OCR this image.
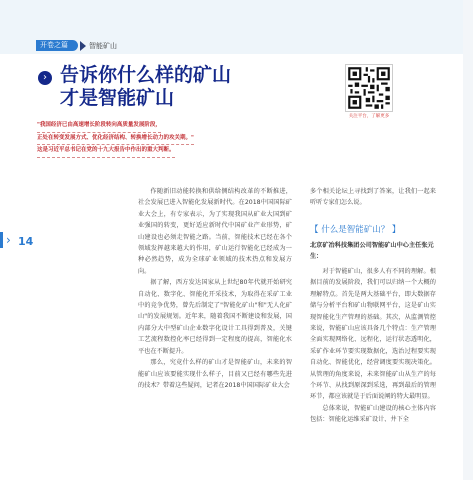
开卷之篇	智能矿山
› 告诉你什么样的矿山
才是智能矿山
关注平台，了解更多
"我国经济已由高速增长阶段转向高质量发展阶段，
正处在转变发展方式、优化经济结构、转换增长动力的攻关期。"
这是习近平总书记在党的十九大报告中作出的重大判断。
› 14

作随新旧动能转换和供给侧结构改革的不断推进，社会发展已进入智能化发展新时代。在2018中国国际矿业大会上，有专家表示，为了实现我国从矿业大国到矿业强国的转变，更好适应新时代中国矿业产业形势，矿山建设也必须走智能之路。当前，智能技术已经在各个领域发挥越来越大的作用，矿山运行智能化已经成为一种必然趋势，成为全球矿业领域的技术热点和发展方向。

据了解，西方发达国家从上世纪80年代就开始研究自动化、数字化、智能化开采技术，为取得在采矿工业中的竞争优势，曾先后制定了"智能化矿山"和"无人化矿山"的发展规划。近年来，随着我国不断建设和发展，国内部分大中型矿山企业数字化设计工具得到普及，关键工艺流程数控化率已经得到一定程度的提高，智能化水平也在不断提升。

那么，究竟什么样的矿山才是智能矿山，未来的智能矿山应该要能实现什么样子，目前又已经有哪些先进的技术？带着这些疑问，记者在2018中国国际矿业大会

多个相关论坛上寻找到了答案，让我们一起来听听专家们怎么说。

【 什么是智能矿山？ 】
北京矿冶科技集团公司智能矿山中心主任张元生：

对于智能矿山，很多人有不同的理解。根据目前的发展阶段，我们可以归纳一个大概的理解特点。首先是两大基础平台，即大数据存储与分析平台和矿山物联网平台，这是矿山实现智能化生产管理的基础。其次，从监测管控来说，智能矿山应该具备几个特点：生产管理全面实现网络化、远程化，运行状态透明化，采矿作业环节要实现数据化，选治过程要实现自动化、智能优化，经营调度要实现决策化。从管理的角度来说，未来智能矿山从生产的每个环节、从找到原深到采选，再到最后的管理环节，都应该就是于后面说阐的特大最明显。

总体来说，智能矿山建设的核心主体内容包括：智能化运维采矿设计、井下全
